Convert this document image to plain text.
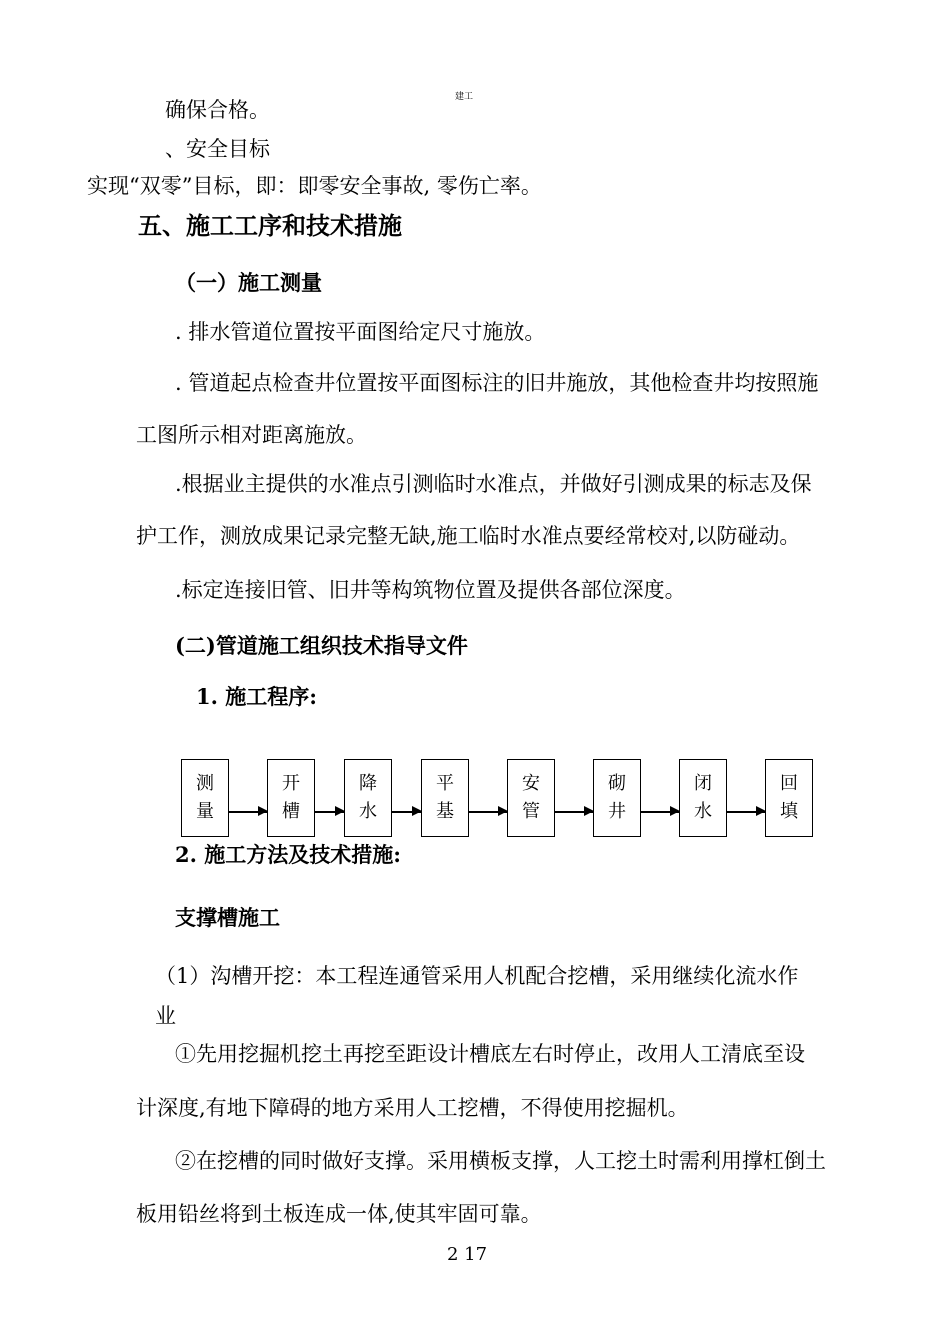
建工
确保合格。
、安全目标
实现“双零”目标，即：即零安全事故, 零伤亡率。
五、施工工序和技术措施
（一）施工测量
. 排水管道位置按平面图给定尺寸施放。
. 管道起点检查井位置按平面图标注的旧井施放，其他检查井均按照施
工图所示相对距离施放。
.根据业主提供的水准点引测临时水准点，并做好引测成果的标志及保
护工作，测放成果记录完整无缺,施工临时水准点要经常校对,以防碰动。
.标定连接旧管、旧井等构筑物位置及提供各部位深度。
(二)管道施工组织技术指导文件
1. 施工程序:
测
量
开
槽
降
水
平
基
安
管
砌
井
闭
水
回
填
2. 施工方法及技术措施:
支撑槽施工
（1）沟槽开挖：本工程连通管采用人机配合挖槽，采用继续化流水作
业
①先用挖掘机挖土再挖至距设计槽底左右时停止，改用人工清底至设
计深度,有地下障碍的地方采用人工挖槽，不得使用挖掘机。
②在挖槽的同时做好支撑。采用横板支撑，人工挖土时需利用撑杠倒土
板用铅丝将到土板连成一体,使其牢固可靠。
2 17
